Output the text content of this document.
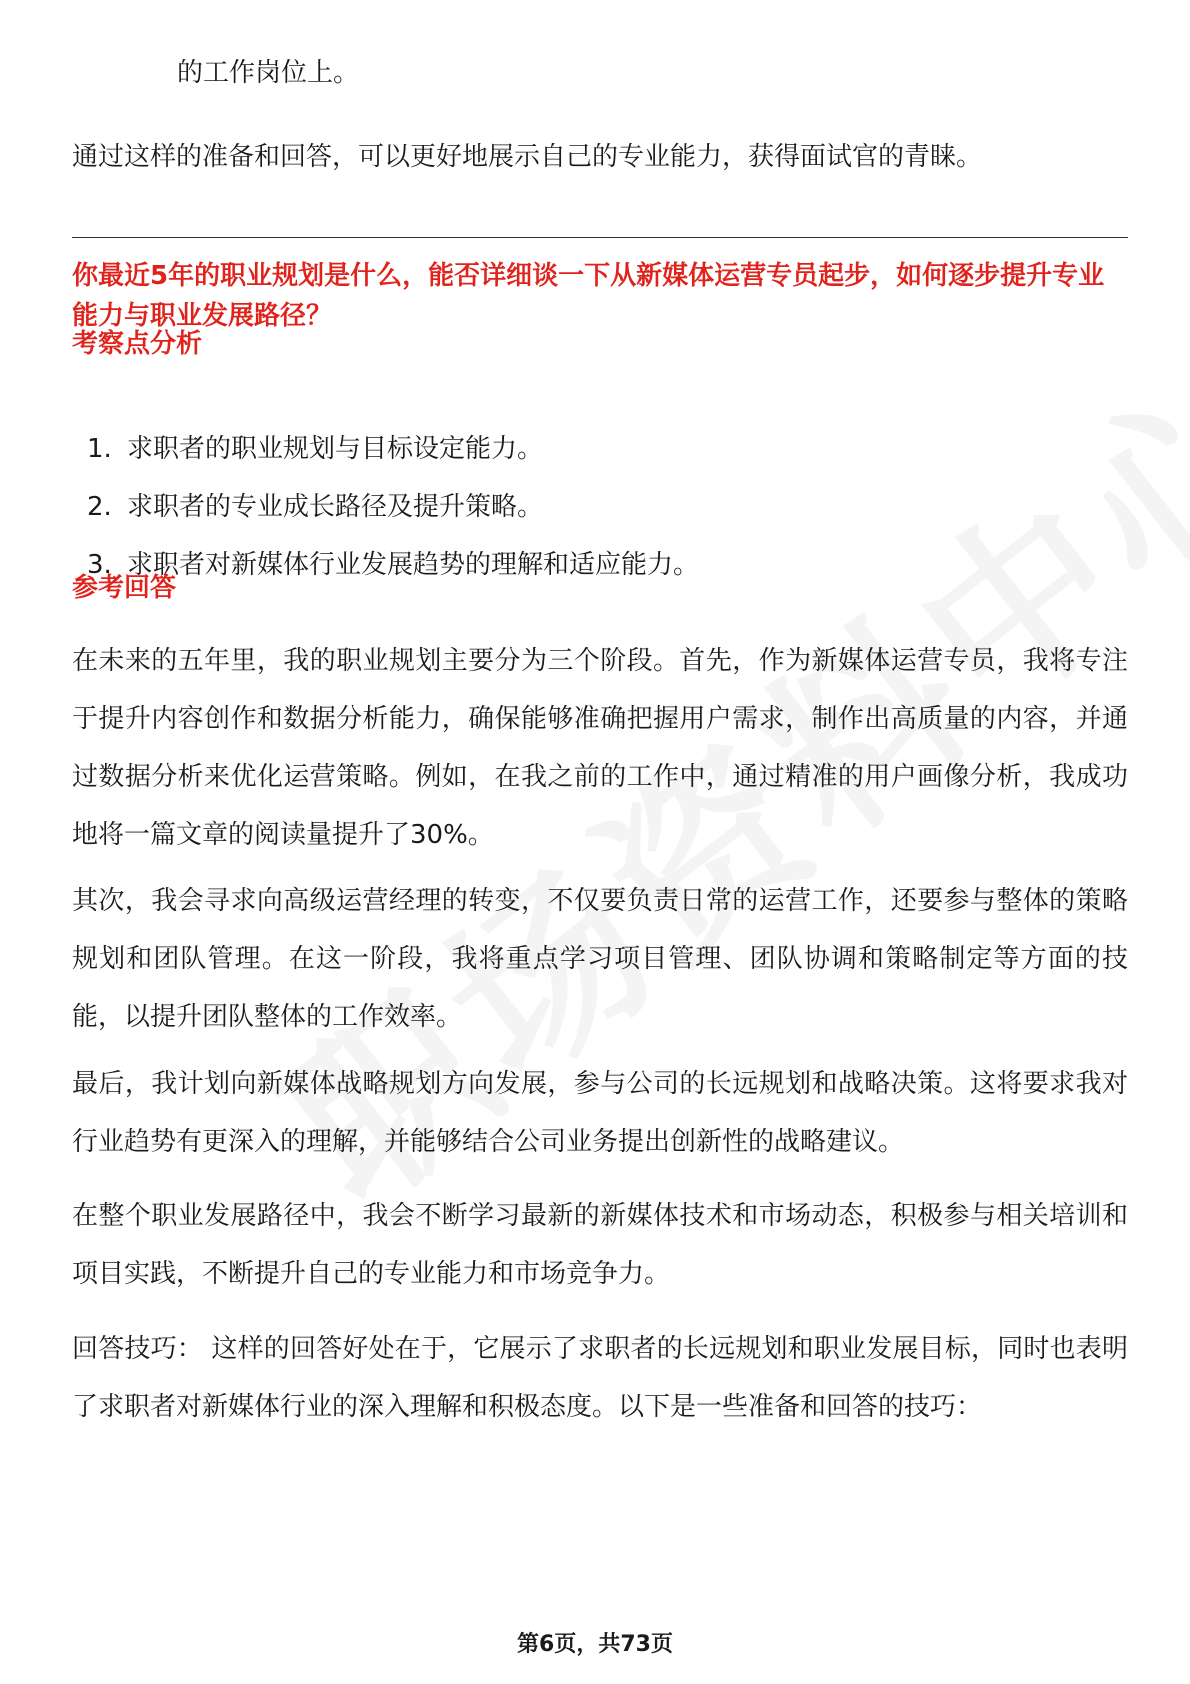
的工作岗位上。

通过这样的准备和回答，可以更好地展示自己的专业能力，获得面试官的青睐。

你最近5年的职业规划是什么，能否详细谈一下从新媒体运营专员起步，如何逐步提升专业能力与职业发展路径？

考察点分析
1. 求职者的职业规划与目标设定能力。
2. 求职者的专业成长路径及提升策略。
3. 求职者对新媒体行业发展趋势的理解和适应能力。
参考回答

在未来的五年里，我的职业规划主要分为三个阶段。首先，作为新媒体运营专员，我将专注于提升内容创作和数据分析能力，确保能够准确把握用户需求，制作出高质量的内容，并通过数据分析来优化运营策略。例如，在我之前的工作中，通过精准的用户画像分析，我成功地将一篇文章的阅读量提升了30%。

其次，我会寻求向高级运营经理的转变，不仅要负责日常的运营工作，还要参与整体的策略规划和团队管理。在这一阶段，我将重点学习项目管理、团队协调和策略制定等方面的技能，以提升团队整体的工作效率。

最后，我计划向新媒体战略规划方向发展，参与公司的长远规划和战略决策。这将要求我对行业趋势有更深入的理解，并能够结合公司业务提出创新性的战略建议。

在整个职业发展路径中，我会不断学习最新的新媒体技术和市场动态，积极参与相关培训和项目实践，不断提升自己的专业能力和市场竞争力。

回答技巧： 这样的回答好处在于，它展示了求职者的长远规划和职业发展目标，同时也表明了求职者对新媒体行业的深入理解和积极态度。以下是一些准备和回答的技巧：

第6页，共73页
